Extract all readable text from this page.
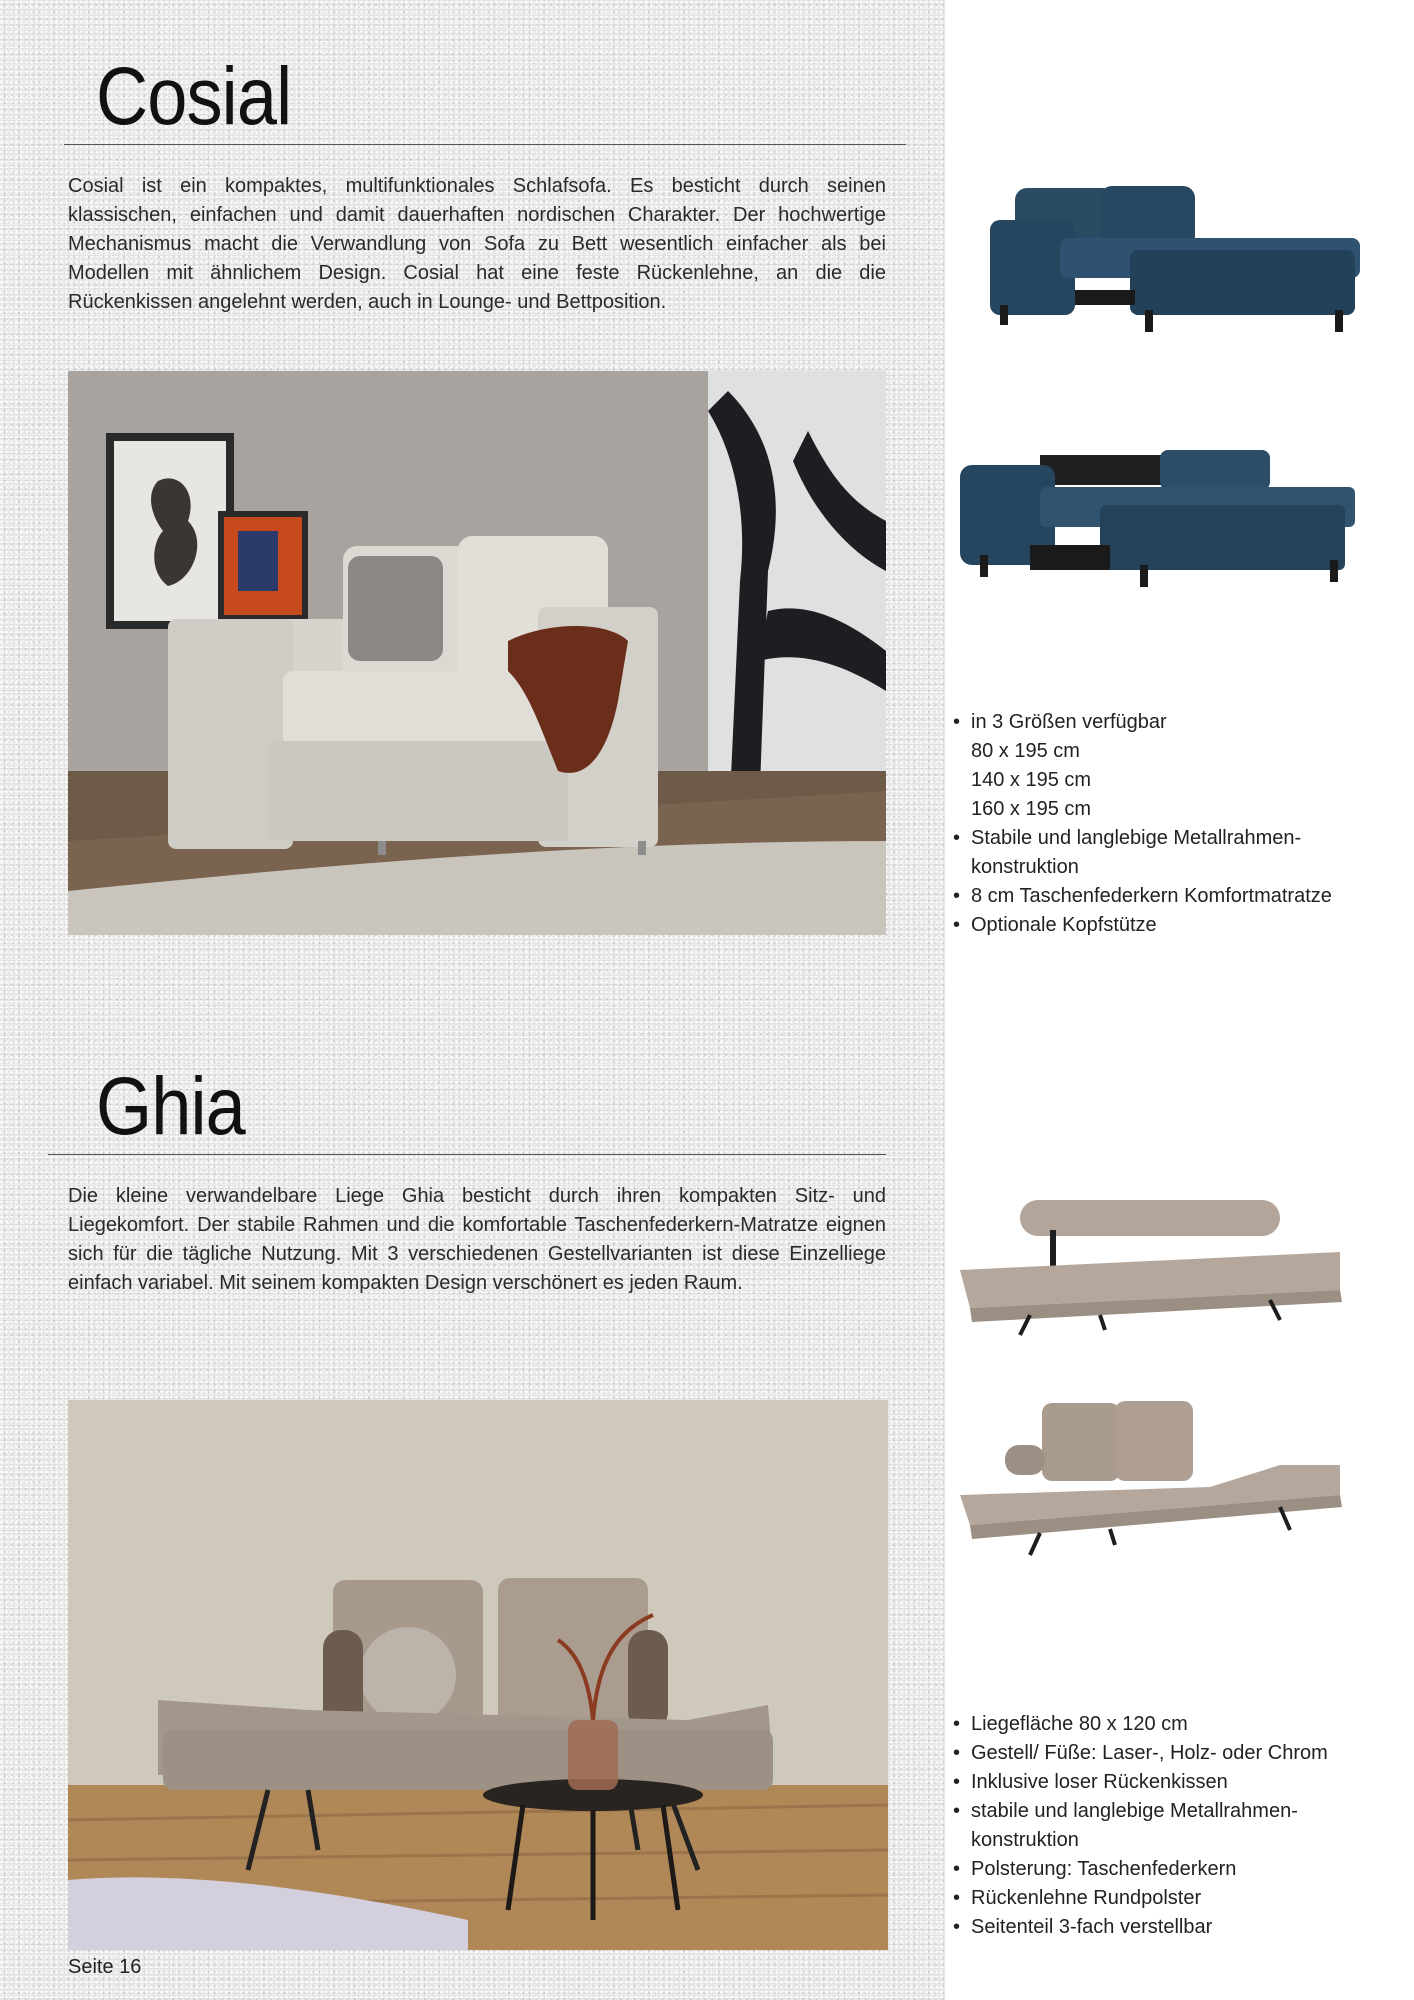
Cosial

Cosial ist ein kompaktes, multifunktionales Schlafsofa. Es besticht durch seinen klassischen, einfachen und damit dauerhaften nordischen Charakter. Der hochwertige Mechanismus macht die Verwandlung von Sofa zu Bett wesentlich einfacher als bei Modellen mit ähnlichem Design. Cosial hat eine feste Rückenlehne, an die die Rückenkissen angelehnt werden, auch in Lounge- und Bettposition.

• in 3 Größen verfügbar
80 x 195 cm
140 x 195 cm
160 x 195 cm
• Stabile und langlebige Metallrahmen-
konstruktion
• 8 cm Taschenfederkern Komfortmatratze
• Optionale Kopfstütze
Ghia

Die kleine verwandelbare Liege Ghia besticht durch ihren kompakten Sitz- und Liegekomfort. Der stabile Rahmen und die komfortable Taschenfederkern-Matratze eignen sich für die tägliche Nutzung. Mit 3 verschiedenen Gestellvarianten ist diese Einzelliege einfach variabel. Mit seinem kompakten Design verschönert es jeden Raum.

• Liegefläche 80 x 120 cm
• Gestell/ Füße: Laser-, Holz- oder Chrom
• Inklusive loser Rückenkissen
• stabile und langlebige Metallrahmen-
konstruktion
• Polsterung: Taschenfederkern
• Rückenlehne Rundpolster
• Seitenteil 3-fach verstellbar
Seite 16
